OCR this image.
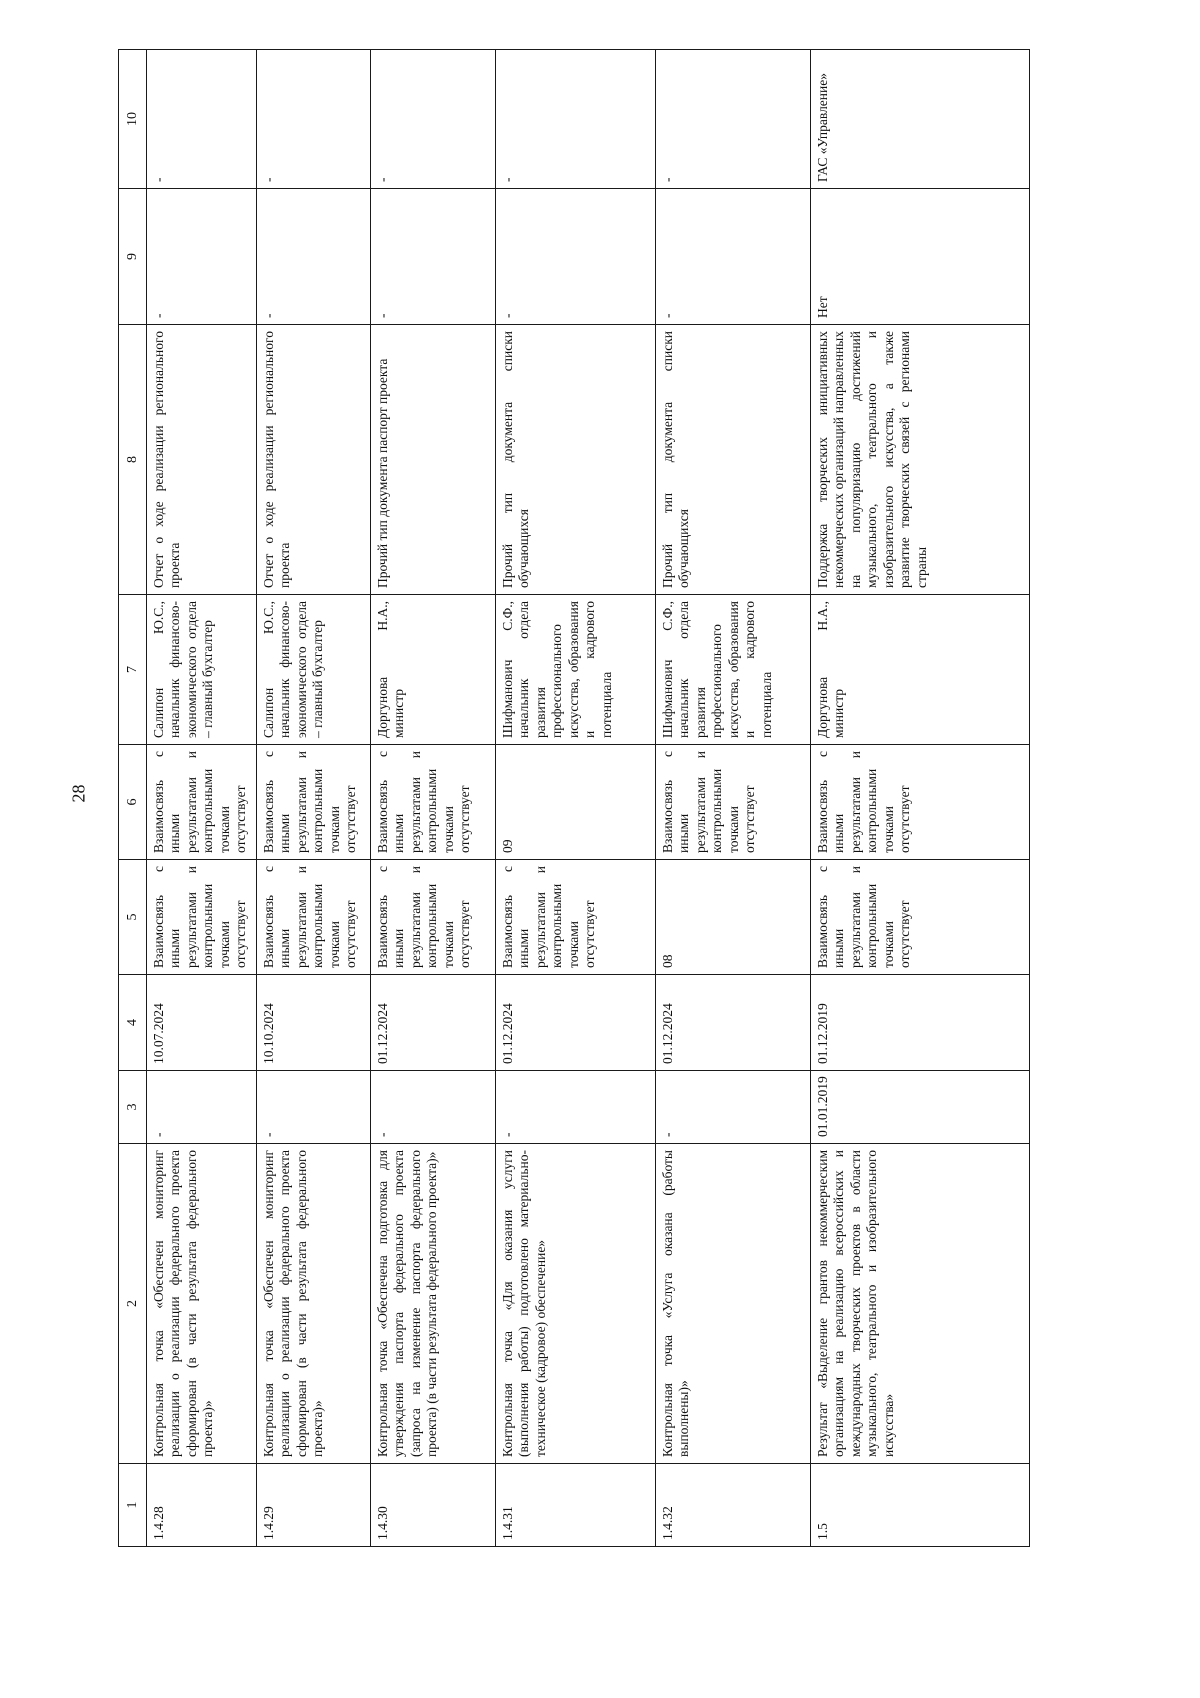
28
1	2	3	4	5	6	7	8	9	10
1.4.28	Контрольная точка «Обеспечен мониторинг реализации о реализации федерального проекта сформирован (в части результата федерального проекта)»	-	10.07.2024	Взаимосвязь с иными результатами и контрольными точками отсутствует	Взаимосвязь с иными результатами и контрольными точками отсутствует	Салипон Ю.С., начальник финансово-экономического отдела – главный бухгалтер	Отчет о ходе реализации регионального проекта	-	-
1.4.29	Контрольная точка «Обеспечен мониторинг реализации о реализации федерального проекта сформирован (в части результата федерального проекта)»	-	10.10.2024	Взаимосвязь с иными результатами и контрольными точками отсутствует	Взаимосвязь с иными результатами и контрольными точками отсутствует	Салипон Ю.С., начальник финансово-экономического отдела – главный бухгалтер	Отчет о ходе реализации регионального проекта	-	-
1.4.30	Контрольная точка «Обеспечена подготовка для утверждения паспорта федерального проекта (запроса на изменение паспорта федерального проекта) (в части результата федерального проекта)»	-	01.12.2024	Взаимосвязь с иными результатами и контрольными точками отсутствует	Взаимосвязь с иными результатами и контрольными точками отсутствует	Доргунова Н.А., министр	Прочий тип документа паспорт проекта	-	-
1.4.31	Контрольная точка «Для оказания услуги (выполнения работы) подготовлено материально-техническое (кадровое) обеспечение»	-	01.12.2024	Взаимосвязь с иными результатами и контрольными точками отсутствует	09	Шифманович С.Ф., начальник отдела развития профессионального искусства, образования и кадрового потенциала	Прочий тип документа списки обучающихся	-	-
1.4.32	Контрольная точка «Услуга оказана (работы выполнены)»	-	01.12.2024	08	Взаимосвязь с иными результатами и контрольными точками отсутствует	Шифманович С.Ф., начальник отдела развития профессионального искусства, образования и кадрового потенциала	Прочий тип документа списки обучающихся	-	-
1.5	Результат «Выделение грантов некоммерческим организациям на реализацию всероссийских и международных творческих проектов в области музыкального, театрального и изобразительного искусства»	01.01.2019	01.12.2019	Взаимосвязь с иными результатами и контрольными точками отсутствует	Взаимосвязь с иными результатами и контрольными точками отсутствует	Доргунова Н.А., министр	Поддержка творческих инициативных некоммерческих организаций направленных на популяризацию достижений музыкального, театрального и изобразительного искусства, а также развитие творческих связей с регионами страны	Нет	ГАС «Управление»
